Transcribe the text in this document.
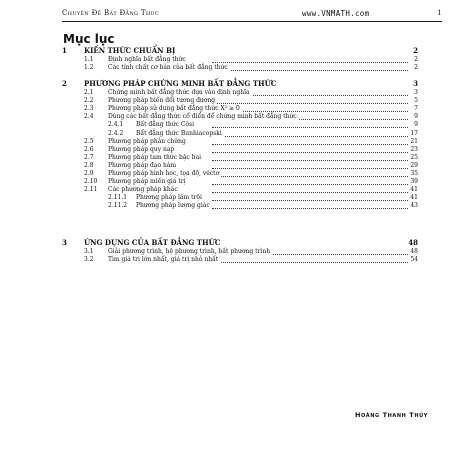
Chuyên Đề Bất Đẳng Thức	www.VNMATH.com	1
Mục lục
1 KIẾN THỨC CHUẨN BỊ	2
1.1 Định nghĩa bất đẳng thức	2
1.2 Các tính chất cơ bản của bất đẳng thức	2
2 PHƯƠNG PHÁP CHỨNG MINH BẤT ĐẲNG THỨC	3
2.1 Chứng minh bất đẳng thức dựa vào định nghĩa	3
2.2 Phương pháp biến đổi tương đương	5
2.3 Phương pháp sử dụng bất đẳng thức X² ≥ 0	7
2.4 Dùng các bất đẳng thức cổ điển để chứng minh bất đẳng thức	9
2.4.1 Bất đẳng thức Côsi	9
2.4.2 Bất đẳng thức Bunhiacopski	17
2.5 Phương pháp phản chứng	21
2.6 Phương pháp quy nạp	23
2.7 Phương pháp tam thức bậc hai	25
2.8 Phương pháp đạo hàm	29
2.9 Phương pháp hình học, tọa độ, véctơ	35
2.10 Phương pháp miền giá trị	39
2.11 Các phương pháp khác	41
2.11.1 Phương pháp làm trội	41
2.11.2 Phương pháp lượng giác	43
3 ỨNG DỤNG CỦA BẤT ĐẲNG THỨC	48
3.1 Giải phương trình, hệ phương trình, bất phương trình	48
3.2 Tìm giá trị lớn nhất, giá trị nhỏ nhất	54
Hoàng Thanh Thủy
